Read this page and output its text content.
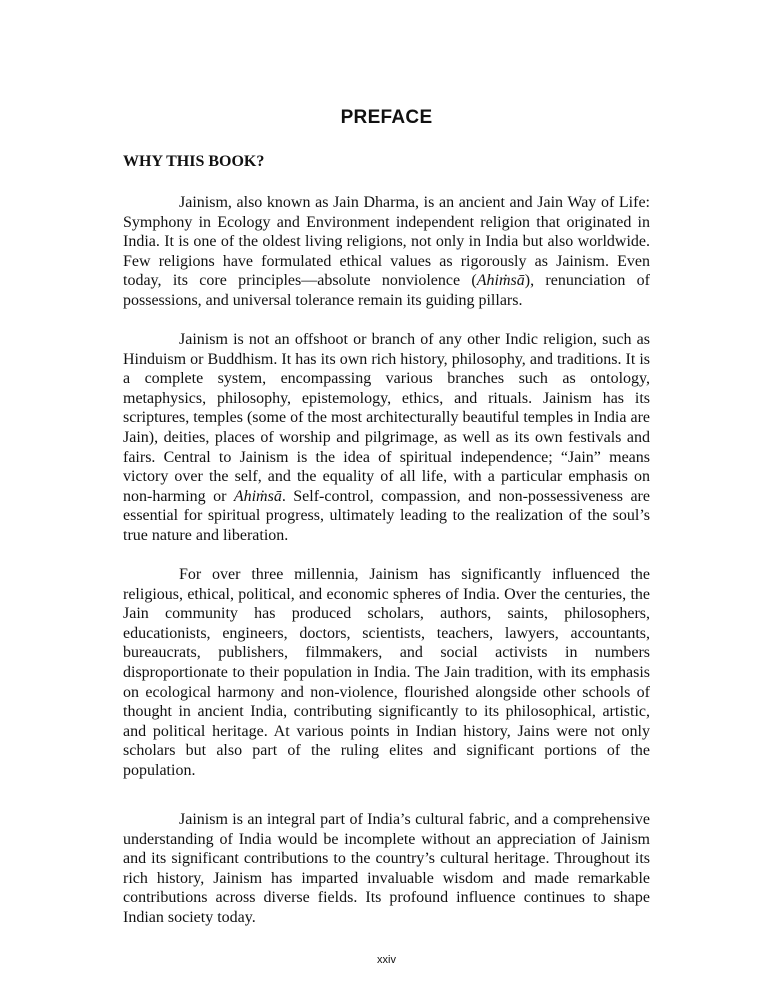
PREFACE
WHY THIS BOOK?

Jainism, also known as Jain Dharma, is an ancient and Jain Way of Life: Symphony in Ecology and Environment independent religion that originated in India. It is one of the oldest living religions, not only in India but also worldwide. Few religions have formulated ethical values as rigorously as Jainism. Even today, its core principles—absolute nonviolence (Ahiṁsā), renunciation of possessions, and universal tolerance remain its guiding pillars.

Jainism is not an offshoot or branch of any other Indic religion, such as Hinduism or Buddhism. It has its own rich history, philosophy, and traditions. It is a complete system, encompassing various branches such as ontology, metaphysics, philosophy, epistemology, ethics, and rituals. Jainism has its scriptures, temples (some of the most architecturally beautiful temples in India are Jain), deities, places of worship and pilgrimage, as well as its own festivals and fairs. Central to Jainism is the idea of spiritual independence; “Jain” means victory over the self, and the equality of all life, with a particular emphasis on non-harming or Ahiṁsā. Self-control, compassion, and non-possessiveness are essential for spiritual progress, ultimately leading to the realization of the soul’s true nature and liberation.

For over three millennia, Jainism has significantly influenced the religious, ethical, political, and economic spheres of India. Over the centuries, the Jain community has produced scholars, authors, saints, philosophers, educationists, engineers, doctors, scientists, teachers, lawyers, accountants, bureaucrats, publishers, filmmakers, and social activists in numbers disproportionate to their population in India. The Jain tradition, with its emphasis on ecological harmony and non-violence, flourished alongside other schools of thought in ancient India, contributing significantly to its philosophical, artistic, and political heritage. At various points in Indian history, Jains were not only scholars but also part of the ruling elites and significant portions of the population.

Jainism is an integral part of India’s cultural fabric, and a comprehensive understanding of India would be incomplete without an appreciation of Jainism and its significant contributions to the country’s cultural heritage. Throughout its rich history, Jainism has imparted invaluable wisdom and made remarkable contributions across diverse fields. Its profound influence continues to shape Indian society today.

xxiv
